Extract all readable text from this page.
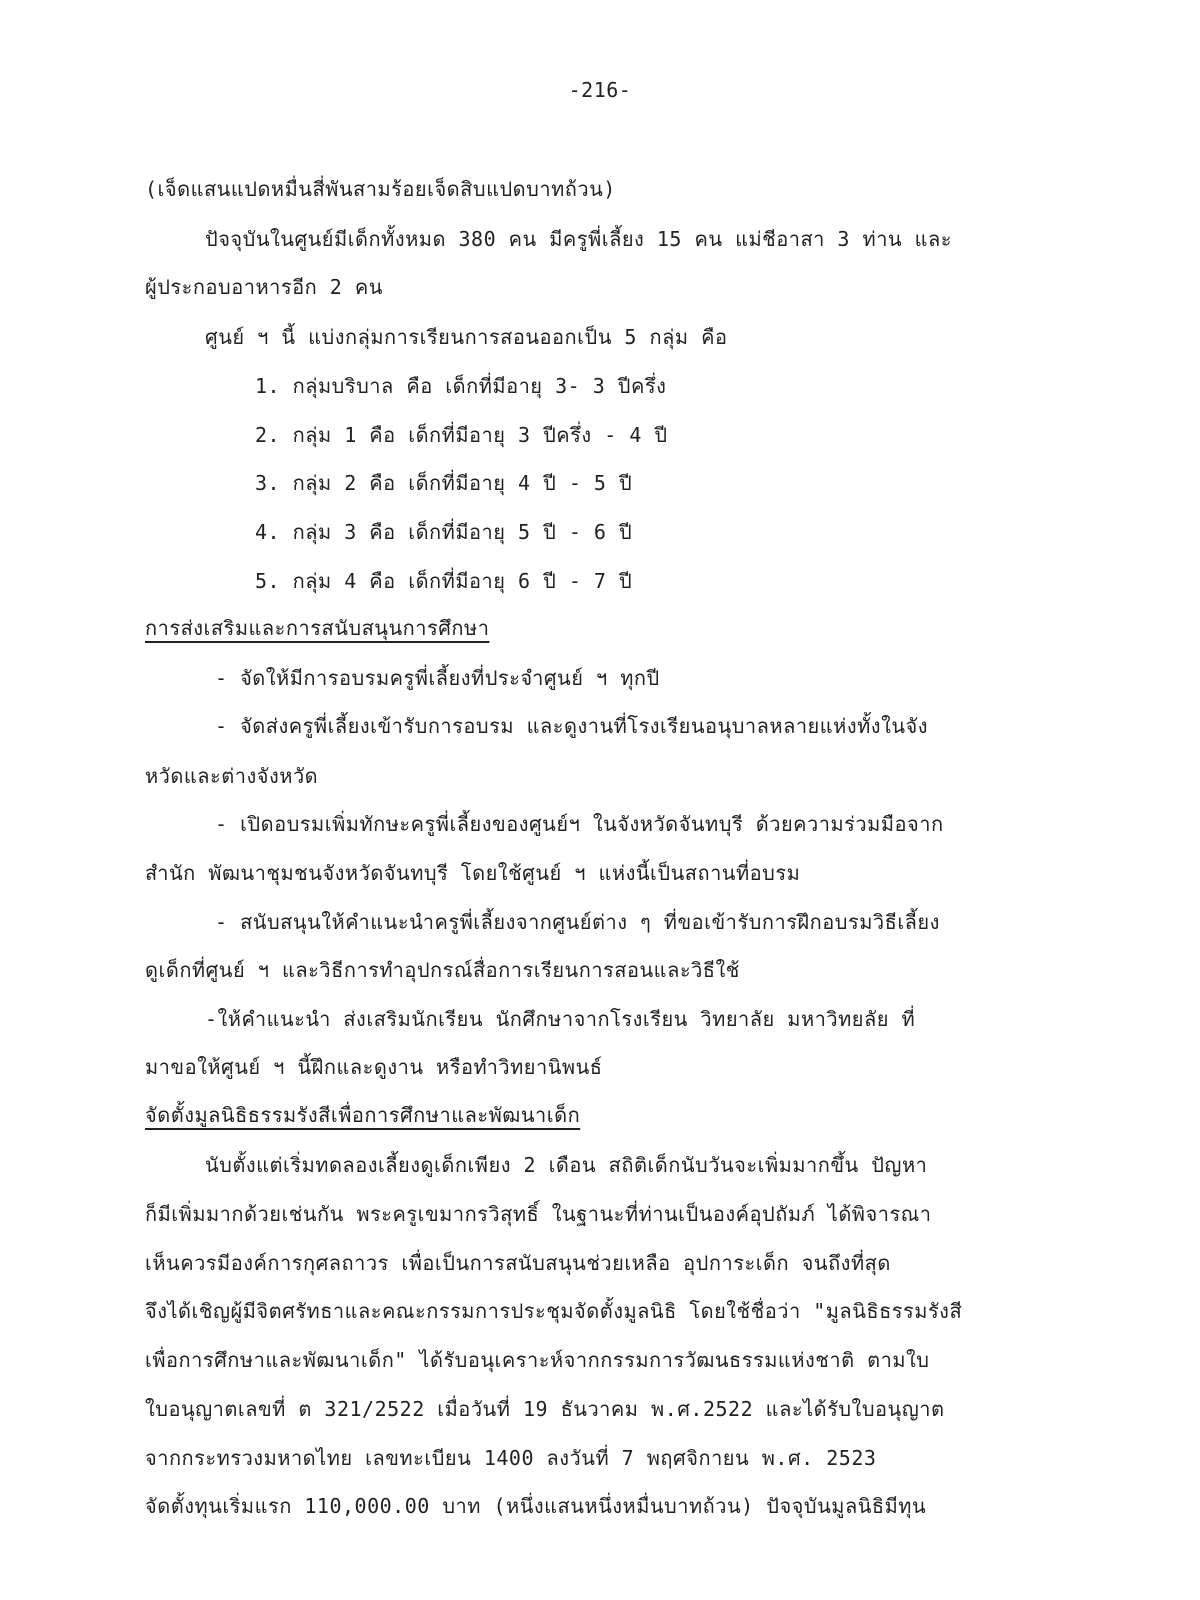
-216-
(เจ็ดแสนแปดหมื่นสี่พันสามร้อยเจ็ดสิบแปดบาทถ้วน)
ปัจจุบันในศูนย์มีเด็กทั้งหมด 380 คน มีครูพี่เลี้ยง 15 คน แม่ชีอาสา 3 ท่าน และ
ผู้ประกอบอาหารอีก 2 คน
ศูนย์ ฯ นี้ แบ่งกลุ่มการเรียนการสอนออกเป็น 5 กลุ่ม คือ
1. กลุ่มบริบาล คือ เด็กที่มีอายุ 3- 3 ปีครึ่ง
2. กลุ่ม 1 คือ เด็กที่มีอายุ 3 ปีครึ่ง - 4 ปี
3. กลุ่ม 2 คือ เด็กที่มีอายุ 4 ปี - 5 ปี
4. กลุ่ม 3 คือ เด็กที่มีอายุ 5 ปี - 6 ปี
5. กลุ่ม 4 คือ เด็กที่มีอายุ 6 ปี - 7 ปี
การส่งเสริมและการสนับสนุนการศึกษา
- จัดให้มีการอบรมครูพี่เลี้ยงที่ประจำศูนย์ ฯ ทุกปี
- จัดส่งครูพี่เลี้ยงเข้ารับการอบรม และดูงานที่โรงเรียนอนุบาลหลายแห่งทั้งในจัง
หวัดและต่างจังหวัด
- เปิดอบรมเพิ่มทักษะครูพี่เลี้ยงของศูนย์ฯ ในจังหวัดจันทบุรี ด้วยความร่วมมือจาก
สำนัก พัฒนาชุมชนจังหวัดจันทบุรี โดยใช้ศูนย์ ฯ แห่งนี้เป็นสถานที่อบรม
- สนับสนุนให้คำแนะนำครูพี่เลี้ยงจากศูนย์ต่าง ๆ ที่ขอเข้ารับการฝึกอบรมวิธีเลี้ยง
ดูเด็กที่ศูนย์ ฯ และวิธีการทำอุปกรณ์สื่อการเรียนการสอนและวิธีใช้
-ให้คำแนะนำ ส่งเสริมนักเรียน นักศึกษาจากโรงเรียน วิทยาลัย มหาวิทยลัย ที่
มาขอให้ศูนย์ ฯ นี้ฝึกและดูงาน หรือทำวิทยานิพนธ์
จัดตั้งมูลนิธิธรรมรังสีเพื่อการศึกษาและพัฒนาเด็ก
นับตั้งแต่เริ่มทดลองเลี้ยงดูเด็กเพียง 2 เดือน สถิติเด็กนับวันจะเพิ่มมากขึ้น ปัญหา
ก็มีเพิ่มมากด้วยเช่นกัน พระครูเขมากรวิสุทธิ์ ในฐานะที่ท่านเป็นองค์อุปถัมภ์ ได้พิจารณา
เห็นควรมีองค์การกุศลถาวร เพื่อเป็นการสนับสนุนช่วยเหลือ อุปการะเด็ก จนถึงที่สุด
จึงได้เชิญผู้มีจิตศรัทธาและคณะกรรมการประชุมจัดตั้งมูลนิธิ โดยใช้ชื่อว่า "มูลนิธิธรรมรังสี
เพื่อการศึกษาและพัฒนาเด็ก" ได้รับอนุเคราะห์จากกรรมการวัฒนธรรมแห่งชาติ ตามใบ
ใบอนุญาตเลขที่ ต 321/2522 เมื่อวันที่ 19 ธันวาคม พ.ศ.2522 และได้รับใบอนุญาต
จากกระทรวงมหาดไทย เลขทะเบียน 1400 ลงวันที่ 7 พฤศจิกายน พ.ศ. 2523
จัดตั้งทุนเริ่มแรก 110,000.00 บาท (หนึ่งแสนหนึ่งหมื่นบาทถ้วน) ปัจจุบันมูลนิธิมีทุน
